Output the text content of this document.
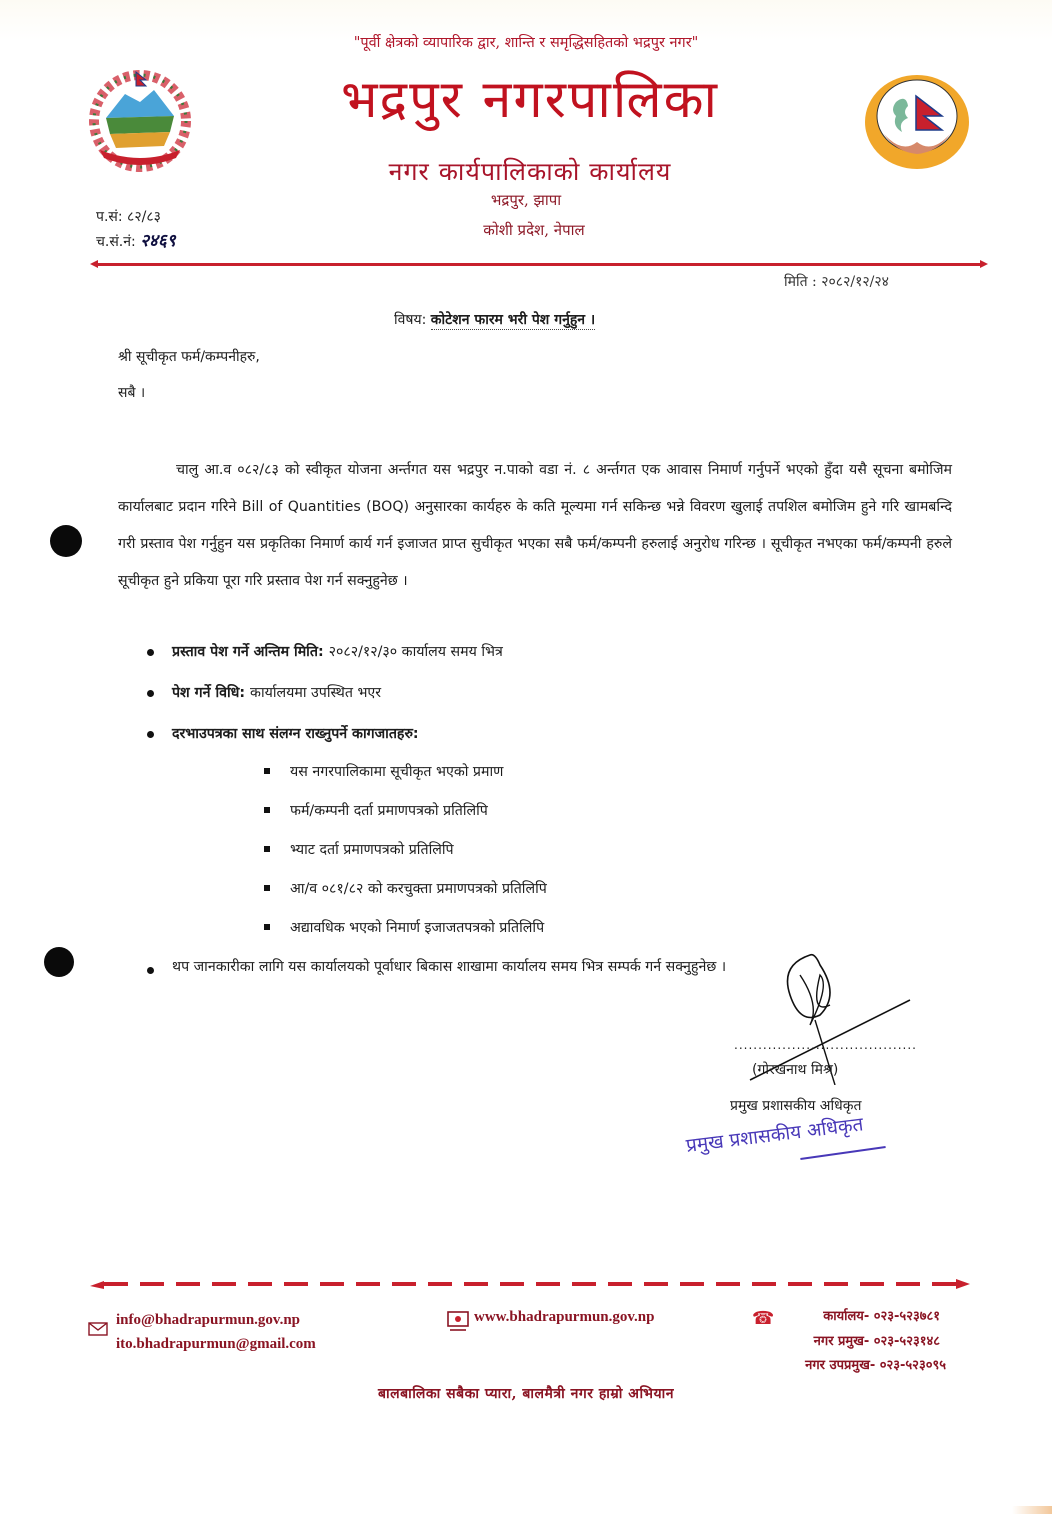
"पूर्वी क्षेत्रको व्यापारिक द्वार, शान्ति र समृद्धिसहितको भद्रपुर नगर"
भद्रपुर नगरपालिका
नगर कार्यपालिकाको कार्यालय
भद्रपुर, झापा
कोशी प्रदेश, नेपाल
प.सं: ८२/८३
च.सं.नं: २४६९
मिति : २०८२/१२/२४
विषय: कोटेशन फारम भरी पेश गर्नुहुन ।
श्री सूचीकृत फर्म/कम्पनीहरु,
सबै ।
चालु आ.व ०८२/८३ को स्वीकृत योजना अर्न्तगत यस भद्रपुर न.पाको वडा नं. ८ अर्न्तगत एक आवास निमार्ण गर्नुपर्ने भएको हुँदा यसै सूचना बमोजिम कार्यालबाट प्रदान गरिने Bill of Quantities (BOQ) अनुसारका कार्यहरु के कति मूल्यमा गर्न सकिन्छ भन्ने विवरण खुलाई तपशिल बमोजिम हुने गरि खामबन्दि गरी प्रस्ताव पेश गर्नुहुन यस प्रकृतिका निमार्ण कार्य गर्न इजाजत प्राप्त सुचीकृत भएका सबै फर्म/कम्पनी हरुलाई अनुरोध गरिन्छ । सूचीकृत नभएका फर्म/कम्पनी हरुले सूचीकृत हुने प्रकिया पूरा गरि प्रस्ताव पेश गर्न सक्नुहुनेछ ।
प्रस्ताव पेश गर्ने अन्तिम मिति: २०८२/१२/३० कार्यालय समय भित्र
पेश गर्ने विधि: कार्यालयमा उपस्थित भएर
दरभाउपत्रका साथ संलग्न राख्नुपर्ने कागजातहरु:
यस नगरपालिकामा सूचीकृत भएको प्रमाण
फर्म/कम्पनी दर्ता प्रमाणपत्रको प्रतिलिपि
भ्याट दर्ता प्रमाणपत्रको प्रतिलिपि
आ/व ०८१/८२ को करचुक्ता प्रमाणपत्रको प्रतिलिपि
अद्यावधिक भएको निमार्ण इजाजतपत्रको प्रतिलिपि
थप जानकारीका लागि यस कार्यालयको पूर्वाधार बिकास शाखामा कार्यालय समय भित्र सम्पर्क गर्न सक्नुहुनेछ ।
......................................
(गोरखनाथ मिश्र)
प्रमुख प्रशासकीय अधिकृत
प्रमुख प्रशासकीय अधिकृत
info@bhadrapurmun.gov.np
ito.bhadrapurmun@gmail.com
www.bhadrapurmun.gov.np	☎	कार्यालय- ०२३-५२३७८१
नगर प्रमुख- ०२३-५२३१४८
नगर उपप्रमुख- ०२३-५२३०९५
बालबालिका सबैका प्यारा, बालमैत्री नगर हाम्रो अभियान
